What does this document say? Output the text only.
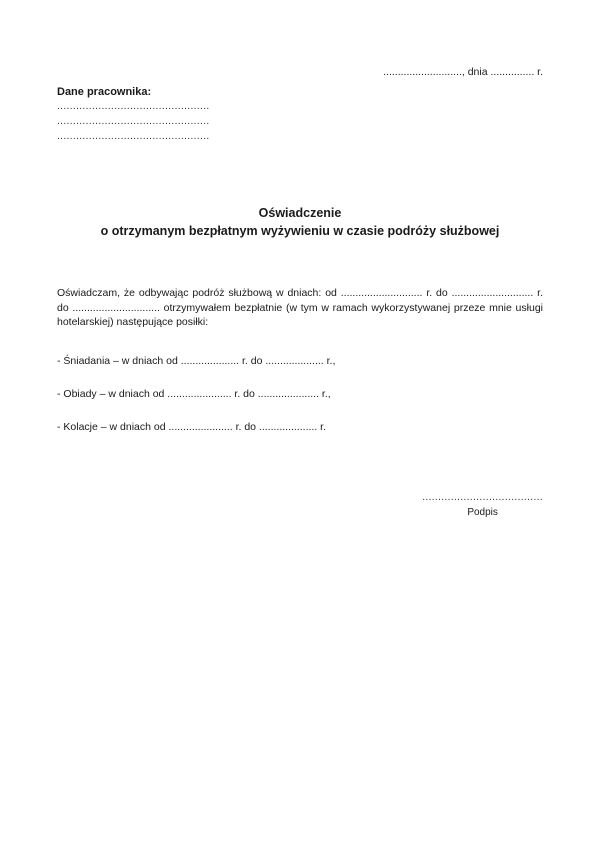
..........................., dnia ............... r.
Dane pracownika:
................................................
................................................
................................................
Oświadczenie
o otrzymanym bezpłatnym wyżywieniu w czasie podróży służbowej

Oświadczam, że odbywając podróż służbową w dniach: od ............................ r. do ............................ r. do .............................. otrzymywałem bezpłatnie (w tym w ramach wykorzystywanej przeze mnie usługi hotelarskiej) następujące posiłki:

- Śniadania – w dniach od .................... r. do .................... r.,
- Obiady – w dniach od ...................... r. do ..................... r.,
- Kolacje – w dniach od ...................... r. do .................... r.
......................................
Podpis
